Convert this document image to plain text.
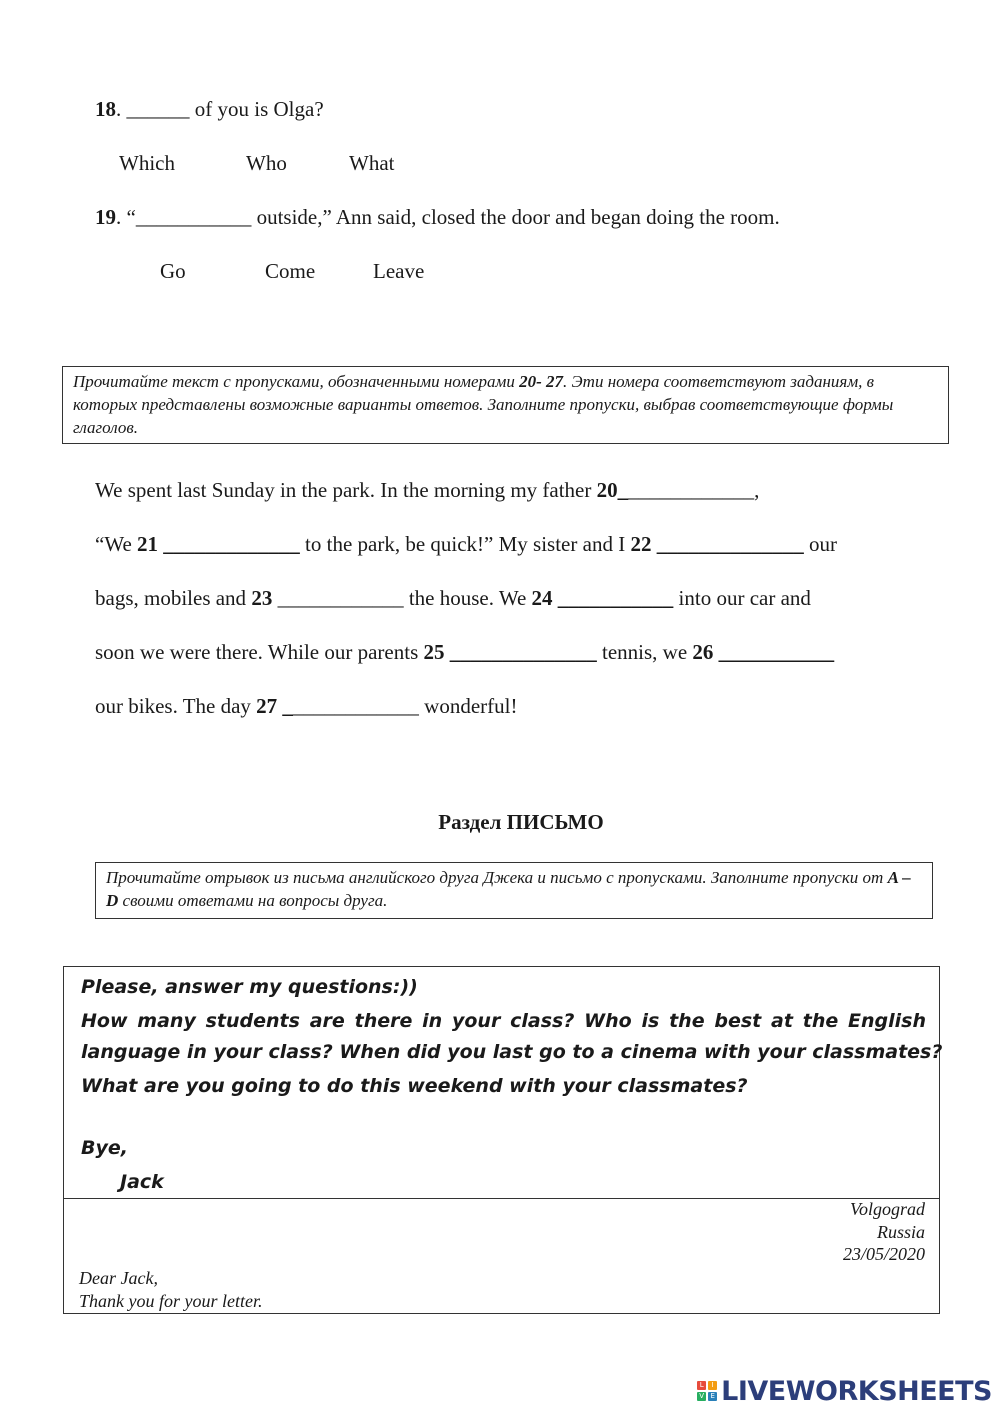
18. ______ of you is Olga?
Which	Who	What
19. “___________ outside,” Ann said, closed the door and began doing the room.
Go	Come	Leave
Прочитайте текст с пропусками, обозначенными номерами 20- 27. Эти номера соответствуют заданиям, в которых представлены возможные варианты ответов. Заполните пропуски, выбрав соответствующие формы глаголов.
We spent last Sunday in the park. In the morning my father 20_____________,
“We 21 _____________ to the park, be quick!” My sister and I 22 ______________ our
bags, mobiles and 23 ____________ the house. We 24 ___________ into our car and
soon we were there. While our parents 25 ______________ tennis, we 26 ___________
our bikes. The day 27 _____________ wonderful!
Раздел ПИСЬМО
Прочитайте отрывок из письма английского друга Джека и письмо с пропусками. Заполните пропуски от A – D своими ответами на вопросы друга.
Please, answer my questions:))
How many students are there in your class? Who is the best at the English
language in your class? When did you last go to a cinema with your classmates?
What are you going to do this weekend with your classmates?
Bye,
Jack
Volgograd
Russia
23/05/2020
Dear Jack,
Thank you for your letter.
L	I
V E LIVEWORKSHEETS
